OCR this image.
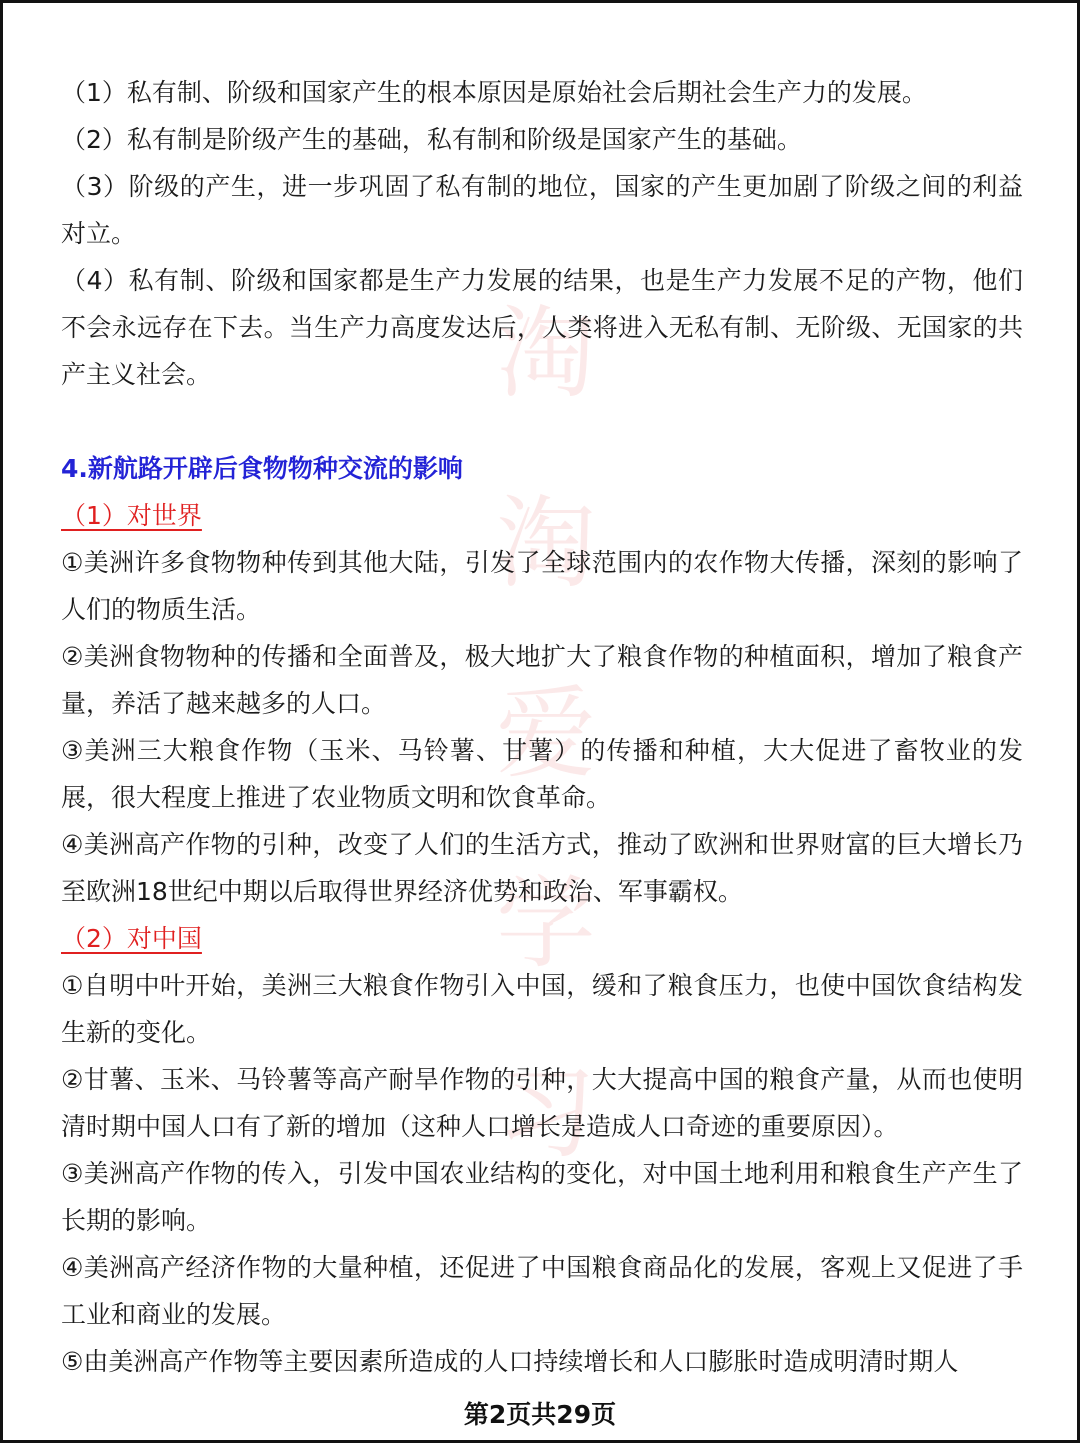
淘
淘
爱
学
习

（1）私有制、阶级和国家产生的根本原因是原始社会后期社会生产力的发展。

（2）私有制是阶级产生的基础，私有制和阶级是国家产生的基础。

（3）阶级的产生，进一步巩固了私有制的地位，国家的产生更加剧了阶级之间的利益对立。

（4）私有制、阶级和国家都是生产力发展的结果，也是生产力发展不足的产物，他们不会永远存在下去。当生产力高度发达后，人类将进入无私有制、无阶级、无国家的共产主义社会。

4.新航路开辟后食物物种交流的影响

（1）对世界

①美洲许多食物物种传到其他大陆，引发了全球范围内的农作物大传播，深刻的影响了人们的物质生活。

②美洲食物物种的传播和全面普及，极大地扩大了粮食作物的种植面积，增加了粮食产量，养活了越来越多的人口。

③美洲三大粮食作物（玉米、马铃薯、甘薯）的传播和种植，大大促进了畜牧业的发展，很大程度上推进了农业物质文明和饮食革命。

④美洲高产作物的引种，改变了人们的生活方式，推动了欧洲和世界财富的巨大增长乃至欧洲18世纪中期以后取得世界经济优势和政治、军事霸权。

（2）对中国

①自明中叶开始，美洲三大粮食作物引入中国，缓和了粮食压力，也使中国饮食结构发生新的变化。

②甘薯、玉米、马铃薯等高产耐旱作物的引种，大大提高中国的粮食产量，从而也使明清时期中国人口有了新的增加（这种人口增长是造成人口奇迹的重要原因）。

③美洲高产作物的传入，引发中国农业结构的变化，对中国土地利用和粮食生产产生了长期的影响。

④美洲高产经济作物的大量种植，还促进了中国粮食商品化的发展，客观上又促进了手工业和商业的发展。

⑤由美洲高产作物等主要因素所造成的人口持续增长和人口膨胀时造成明清时期人

第2页共29页
